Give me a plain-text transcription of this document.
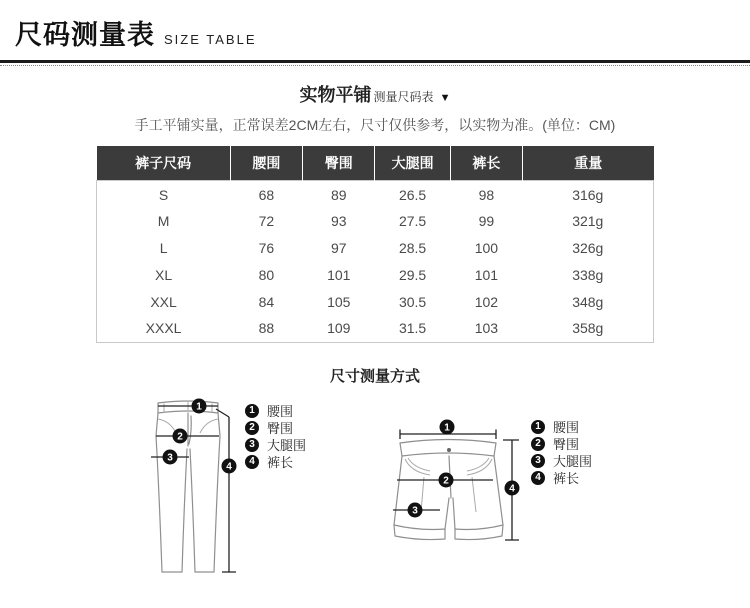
尺码测量表 SIZE TABLE
实物平铺 测量尺码表 ▼
手工平铺实量，正常误差2CM左右，尺寸仅供参考，以实物为准。(单位：CM)
裤子尺码	腰围	臀围	大腿围	裤长	重量
S	68	89	26.5	98	316g
M	72	93	27.5	99	321g
L	76	97	28.5	100	326g
XL	80	101	29.5	101	338g
XXL	84	105	30.5	102	348g
XXXL	88	109	31.5	103	358g
尺寸测量方式
1
2
3
4
1 腰围
2 臀围
3 大腿围
4 裤长
1
2
3
4
1 腰围
2 臀围
3 大腿围
4 裤长
